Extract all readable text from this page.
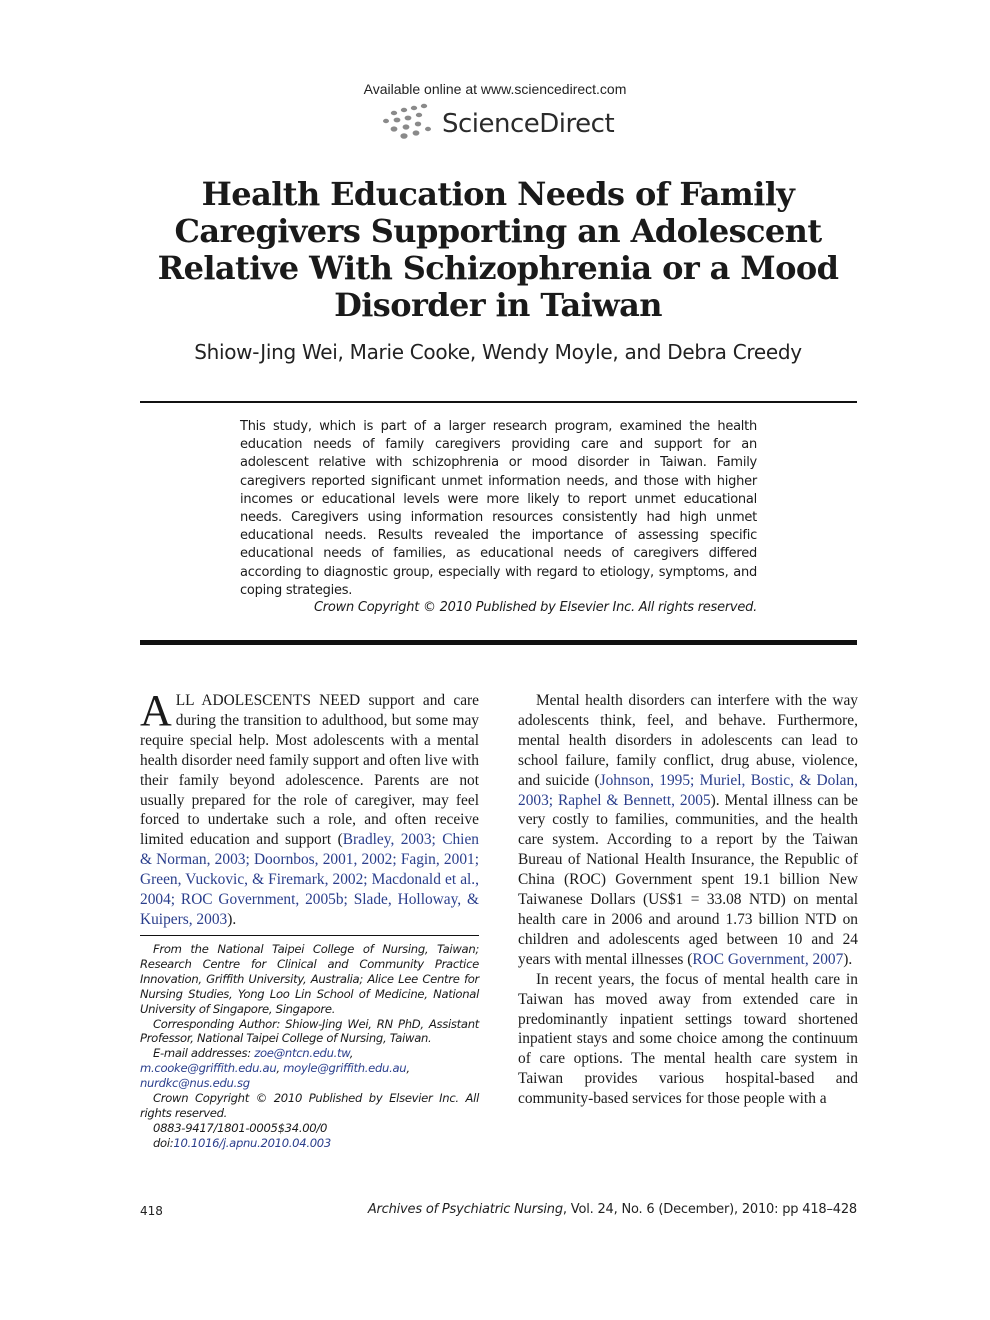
Available online at www.sciencedirect.com
ScienceDirect
Health Education Needs of Family Caregivers Supporting an Adolescent Relative With Schizophrenia or a Mood Disorder in Taiwan
Shiow-Jing Wei, Marie Cooke, Wendy Moyle, and Debra Creedy

This study, which is part of a larger research program, examined the health education needs of family caregivers providing care and support for an adolescent relative with schizophrenia or mood disorder in Taiwan. Family caregivers reported significant unmet information needs, and those with higher incomes or educational levels were more likely to report unmet educational needs. Caregivers using information resources consistently had high unmet educational needs. Results revealed the importance of assessing specific educational needs of families, as educational needs of caregivers differed according to diagnostic group, especially with regard to etiology, symptoms, and coping strategies.

Crown Copyright © 2010 Published by Elsevier Inc. All rights reserved.

ALL ADOLESCENTS NEED support and care during the transition to adulthood, but some may require special help. Most adolescents with a mental health disorder need family support and often live with their family beyond adolescence. Parents are not usually prepared for the role of caregiver, may feel forced to undertake such a role, and often receive limited education and support (Bradley, 2003; Chien & Norman, 2003; Doornbos, 2001, 2002; Fagin, 2001; Green, Vuckovic, & Firemark, 2002; Macdonald et al., 2004; ROC Government, 2005b; Slade, Holloway, & Kuipers, 2003).

Mental health disorders can interfere with the way adolescents think, feel, and behave. Furthermore, mental health disorders in adolescents can lead to school failure, family conflict, drug abuse, violence, and suicide (Johnson, 1995; Muriel, Bostic, & Dolan, 2003; Raphel & Bennett, 2005). Mental illness can be very costly to families, communities, and the health care system. According to a report by the Taiwan Bureau of National Health Insurance, the Republic of China (ROC) Government spent 19.1 billion New Taiwanese Dollars (US$1 = 33.08 NTD) on mental health care in 2006 and around 1.73 billion NTD on children and adolescents aged between 10 and 24 years with mental illnesses (ROC Government, 2007).

In recent years, the focus of mental health care in Taiwan has moved away from extended care in predominantly inpatient settings toward shortened inpatient stays and some choice among the continuum of care options. The mental health care system in Taiwan provides various hospital-based and community-based services for those people with a

From the National Taipei College of Nursing, Taiwan; Research Centre for Clinical and Community Practice Innovation, Griffith University, Australia; Alice Lee Centre for Nursing Studies, Yong Loo Lin School of Medicine, National University of Singapore, Singapore.

Corresponding Author: Shiow-Jing Wei, RN PhD, Assistant Professor, National Taipei College of Nursing, Taiwan.

E-mail addresses: zoe@ntcn.edu.tw,
m.cooke@griffith.edu.au, moyle@griffith.edu.au,
nurdkc@nus.edu.sg

Crown Copyright © 2010 Published by Elsevier Inc. All rights reserved.

0883-9417/1801-0005$34.00/0

doi:10.1016/j.apnu.2010.04.003

418	Archives of Psychiatric Nursing, Vol. 24, No. 6 (December), 2010: pp 418–428
